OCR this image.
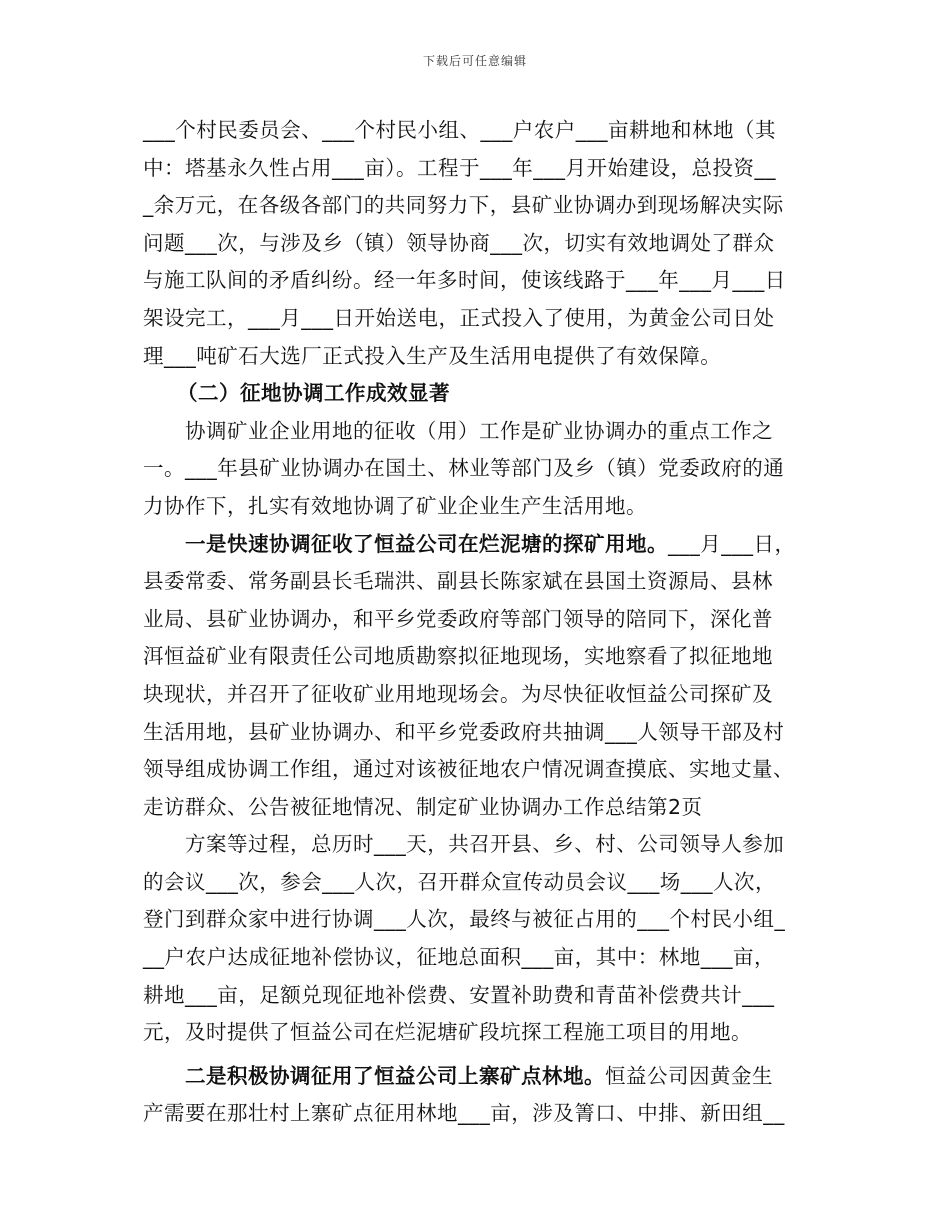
下载后可任意编辑
___个村民委员会、___个村民小组、___户农户___亩耕地和林地（其
中：塔基永久性占用___亩）。工程于___年___月开始建设，总投资__
_余万元，在各级各部门的共同努力下，县矿业协调办到现场解决实际
问题___次，与涉及乡（镇）领导协商___次，切实有效地调处了群众
与施工队间的矛盾纠纷。经一年多时间，使该线路于___年___月___日
架设完工，___月___日开始送电，正式投入了使用，为黄金公司日处
理___吨矿石大选厂正式投入生产及生活用电提供了有效保障。
（二）征地协调工作成效显著
协调矿业企业用地的征收（用）工作是矿业协调办的重点工作之
一。___年县矿业协调办在国土、林业等部门及乡（镇）党委政府的通
力协作下，扎实有效地协调了矿业企业生产生活用地。
一是快速协调征收了恒益公司在烂泥塘的探矿用地。___月___日，
县委常委、常务副县长毛瑞洪、副县长陈家斌在县国土资源局、县林
业局、县矿业协调办，和平乡党委政府等部门领导的陪同下，深化普
洱恒益矿业有限责任公司地质勘察拟征地现场，实地察看了拟征地地
块现状，并召开了征收矿业用地现场会。为尽快征收恒益公司探矿及
生活用地，县矿业协调办、和平乡党委政府共抽调___人领导干部及村
领导组成协调工作组，通过对该被征地农户情况调查摸底、实地丈量、
走访群众、公告被征地情况、制定矿业协调办工作总结第2页
方案等过程，总历时___天，共召开县、乡、村、公司领导人参加
的会议___次，参会___人次，召开群众宣传动员会议___场___人次，
登门到群众家中进行协调___人次，最终与被征占用的___个村民小组_
__户农户达成征地补偿协议，征地总面积___亩，其中：林地___亩，
耕地___亩，足额兑现征地补偿费、安置补助费和青苗补偿费共计___
元，及时提供了恒益公司在烂泥塘矿段坑探工程施工项目的用地。
二是积极协调征用了恒益公司上寨矿点林地。恒益公司因黄金生
产需要在那壮村上寨矿点征用林地___亩，涉及箐口、中排、新田组__
